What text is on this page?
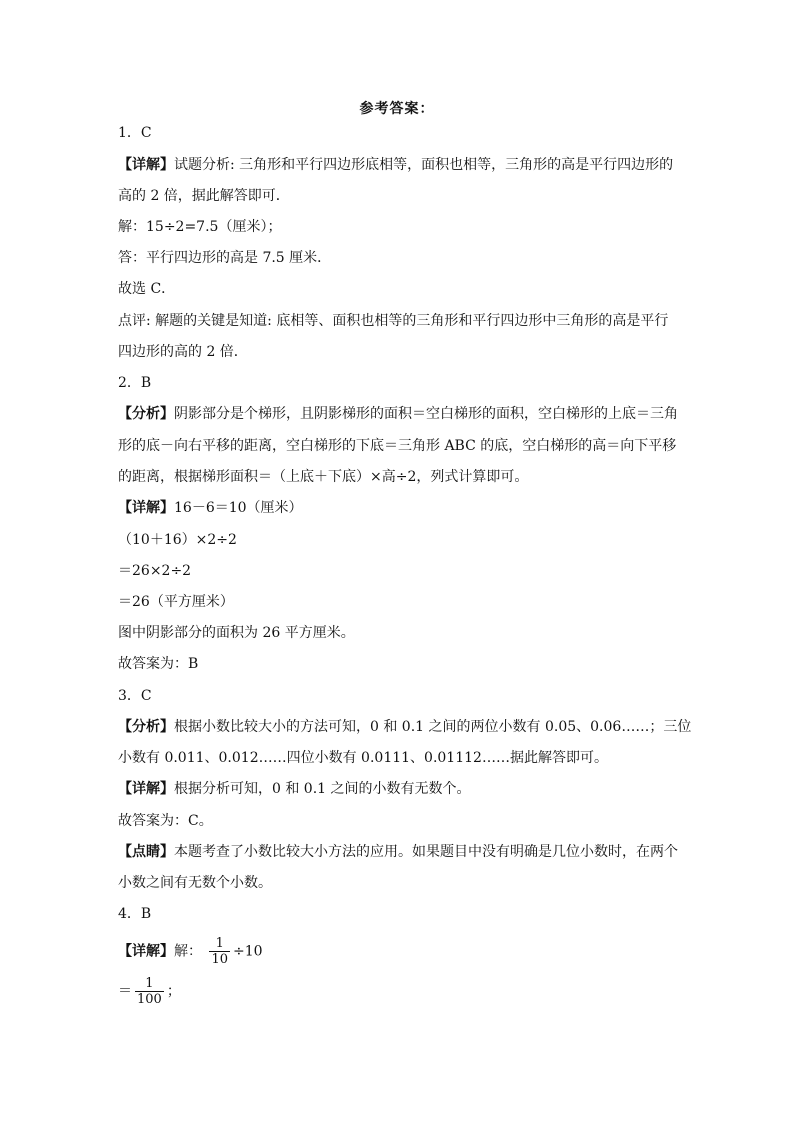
参考答案：
1．C
【详解】试题分析: 三角形和平行四边形底相等，面积也相等，三角形的高是平行四边形的
高的 2 倍，据此解答即可．
解：15÷2=7.5（厘米）；
答：平行四边形的高是 7.5 厘米．
故选 C．
点评: 解题的关键是知道: 底相等、面积也相等的三角形和平行四边形中三角形的高是平行
四边形的高的 2 倍．
2．B
【分析】阴影部分是个梯形，且阴影梯形的面积＝空白梯形的面积，空白梯形的上底＝三角
形的底－向右平移的距离，空白梯形的下底＝三角形 ABC 的底，空白梯形的高＝向下平移
的距离，根据梯形面积＝（上底＋下底）×高÷2，列式计算即可。
【详解】16－6＝10（厘米）
（10＋16）×2÷2
＝26×2÷2
＝26（平方厘米）
图中阴影部分的面积为 26 平方厘米。
故答案为：B
3．C
【分析】根据小数比较大小的方法可知，0 和 0.1 之间的两位小数有 0.05、0.06……；三位
小数有 0.011、0.012……四位小数有 0.0111、0.01112……据此解答即可。
【详解】根据分析可知，0 和 0.1 之间的小数有无数个。
故答案为：C。
【点睛】本题考查了小数比较大小方法的应用。如果题目中没有明确是几位小数时，在两个
小数之间有无数个小数。
4．B
【详解】解： $\frac{1}{10} \div 10$
＝ $\frac{1}{100}$ ；
